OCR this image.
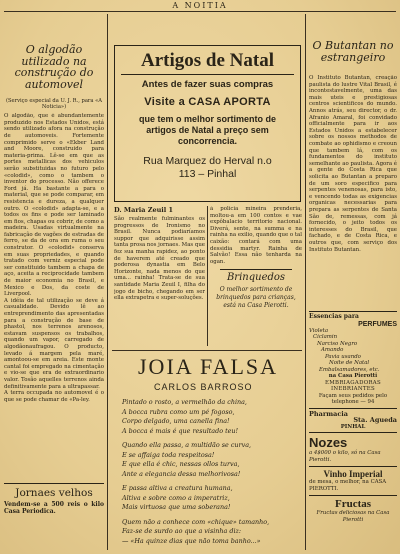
A NOITIA

O algodão utilizado na construção do automovel

(Serviço especial da U. J. R., para «A Noticia»)

O algodão, que é abundantemente produzido nos Estados Unidos, está sendo utilizado afora na construção de automoveis. Fortemente comprimido serve o «Ekber Land and Moore, construido para materia-prima. Lê-se em que as portes metallicas dos vehiculos serão substituidas no futuro pelo «colodid», como o tambem o inventor do processo. Não offerece Ford já. Ha bastante a para o material, que se pode comparar, em resistencia e dureza, a qualquer outro. O «colodid» adapta-se, e a todos os fins e pode ser laminado em fios, chapas ou cobrir, de como a madeira. Usadas virtualmente na fabricação de vagões de estradas de ferro, se da de ora em ruma o seu construtor. O «colodid» conserva em suas propriedades, e quando tratado com verniz especial pode ser constituido tambem a chapa de aço, aceita a reciprocidade tambem de maior economia no Brasil, e Mexico e Dos, da coste de Liverpool.
A idéia de tal utilização se deve á casualidade. Devido lê ao entreprendimento das apresentadas para a construção de base de phastol, nos terrenos arenosos, estavam suspensos os trabalhos, quando um vapor, carregado de algodãonaufragou. O producto, levado á margem pela maré, amontoou-se em areia. Este monte cantal foi empregado na cimentação e vio-se que era de extraordinario valor. Tosão aquelles terrenos ainda definitivamente para a ultrapassar.
A terra occupada no automovel é o que se pode chamar de «Pa-ley.

Jornaes velhos

Vendem-se a 500 reis o kilo Casa Periodica.

Artigos de Natal

Antes de fazer suas compras

Visite a CASA APORTA

que tem o melhor sortimento de artigos de Natal a preço sem concorrencia.

Rua Marquez do Herval n.o 113 – Pinhal

D. Maria Zeuil 1

São realmente fulminantes os progressos de Ironismo no Brasil. Nunca podiaríamos suppor que adquirisse assim tanta prosa nos jornaes. Mas que fez sua manha rapidez, ao ponto de haverem até creado que poderosa dynastia em Belo Horizonte, nada menos do que uma... rainha! Trata-se de sua santidade Maria Zeuil I, filha do jogo de bicho, chegando em ser ella extrapetra e super-soluções.

á policia mineira prenderia, moltou-a em 100 contos e vae expôbalacio territorio nacional. Diverá, sente, na summa e na rainha na exilio, quando que o tal caixão: contará com uma dessidia martyr. Rainha de Salvão! Essa não tenharda na ogan.

Brinquedos

O melhor sortimento de brinquedos para crianças, está na Casa Pierotti.

JOIA FALSA

CARLOS BARROSO

Pintado o rosto, a vermelhão da china,

A bocca rubra como um pé fogoso,

Corpo delgado, uma canella fina!

A bocca é mais é que resultado teu!

Quando ella passa, a multidão se curva,

E se affaiga toda respeitosa!

E que ella é chic, nessas ollos turva,

Ante a elegancia dessa melhorivosa!

E passa altiva a creatura humana,

Altiva e sobre como a imperatriz,

Mais virtuosa que uma soberana!

Quem não a conhece com «chique» tamanho,

Faz-se de surdo ao que a visinha diz:

— «Ha quinze dias que não toma banho...»

O Butantan no estrangeiro

O Instituto Butantan, creação paulista do lustre Vital Brasil, é incontestavelmente, uma das mais uteis e prestigiosas centros scientificos do mundo. Annos atrás, seu director, o dr. Afranio Amaral, foi convidado officialmente para ir aos Estados Unidos a estabelecer sobre os nossos methodos de combate ao ophidismo e creoun que tambem lá, com os fundamentos do instituto semelhante ao paulista. Agora é a gente do Costa Rica que solicita ao Butantan a preparo de um soro especifico para serpentes venenosas, para isto, e vencendo todas as exigencias organicas necessarias para prepara as serpentes de Santa São de, remessas, com já fornecido, o jeito todos os interesses do Brasil, que fachado, e de Costa Rica, e outros que, com serviço dos Instituto Butantan.

Essencias para

PERFUMES

Violeta

Ciclamin

Narciso Negro

Amando

Pavia usando

Noite de Natal

Embalsamadores, etc.

na Casa Pierotti

EMBRIAGADORAS INEBRIANTES

Façam seus pedidos pelo telephone — 94

Pharmacia

Sta. Agueda

PINHAL

Nozes

a 4$000 o kilo, só na Casa Pierotti.

Vinho Imperial

de mesa, o melhor, na CASA PIEROTTI.

Fructas

Fructas deliciosas na Casa Pierotti
